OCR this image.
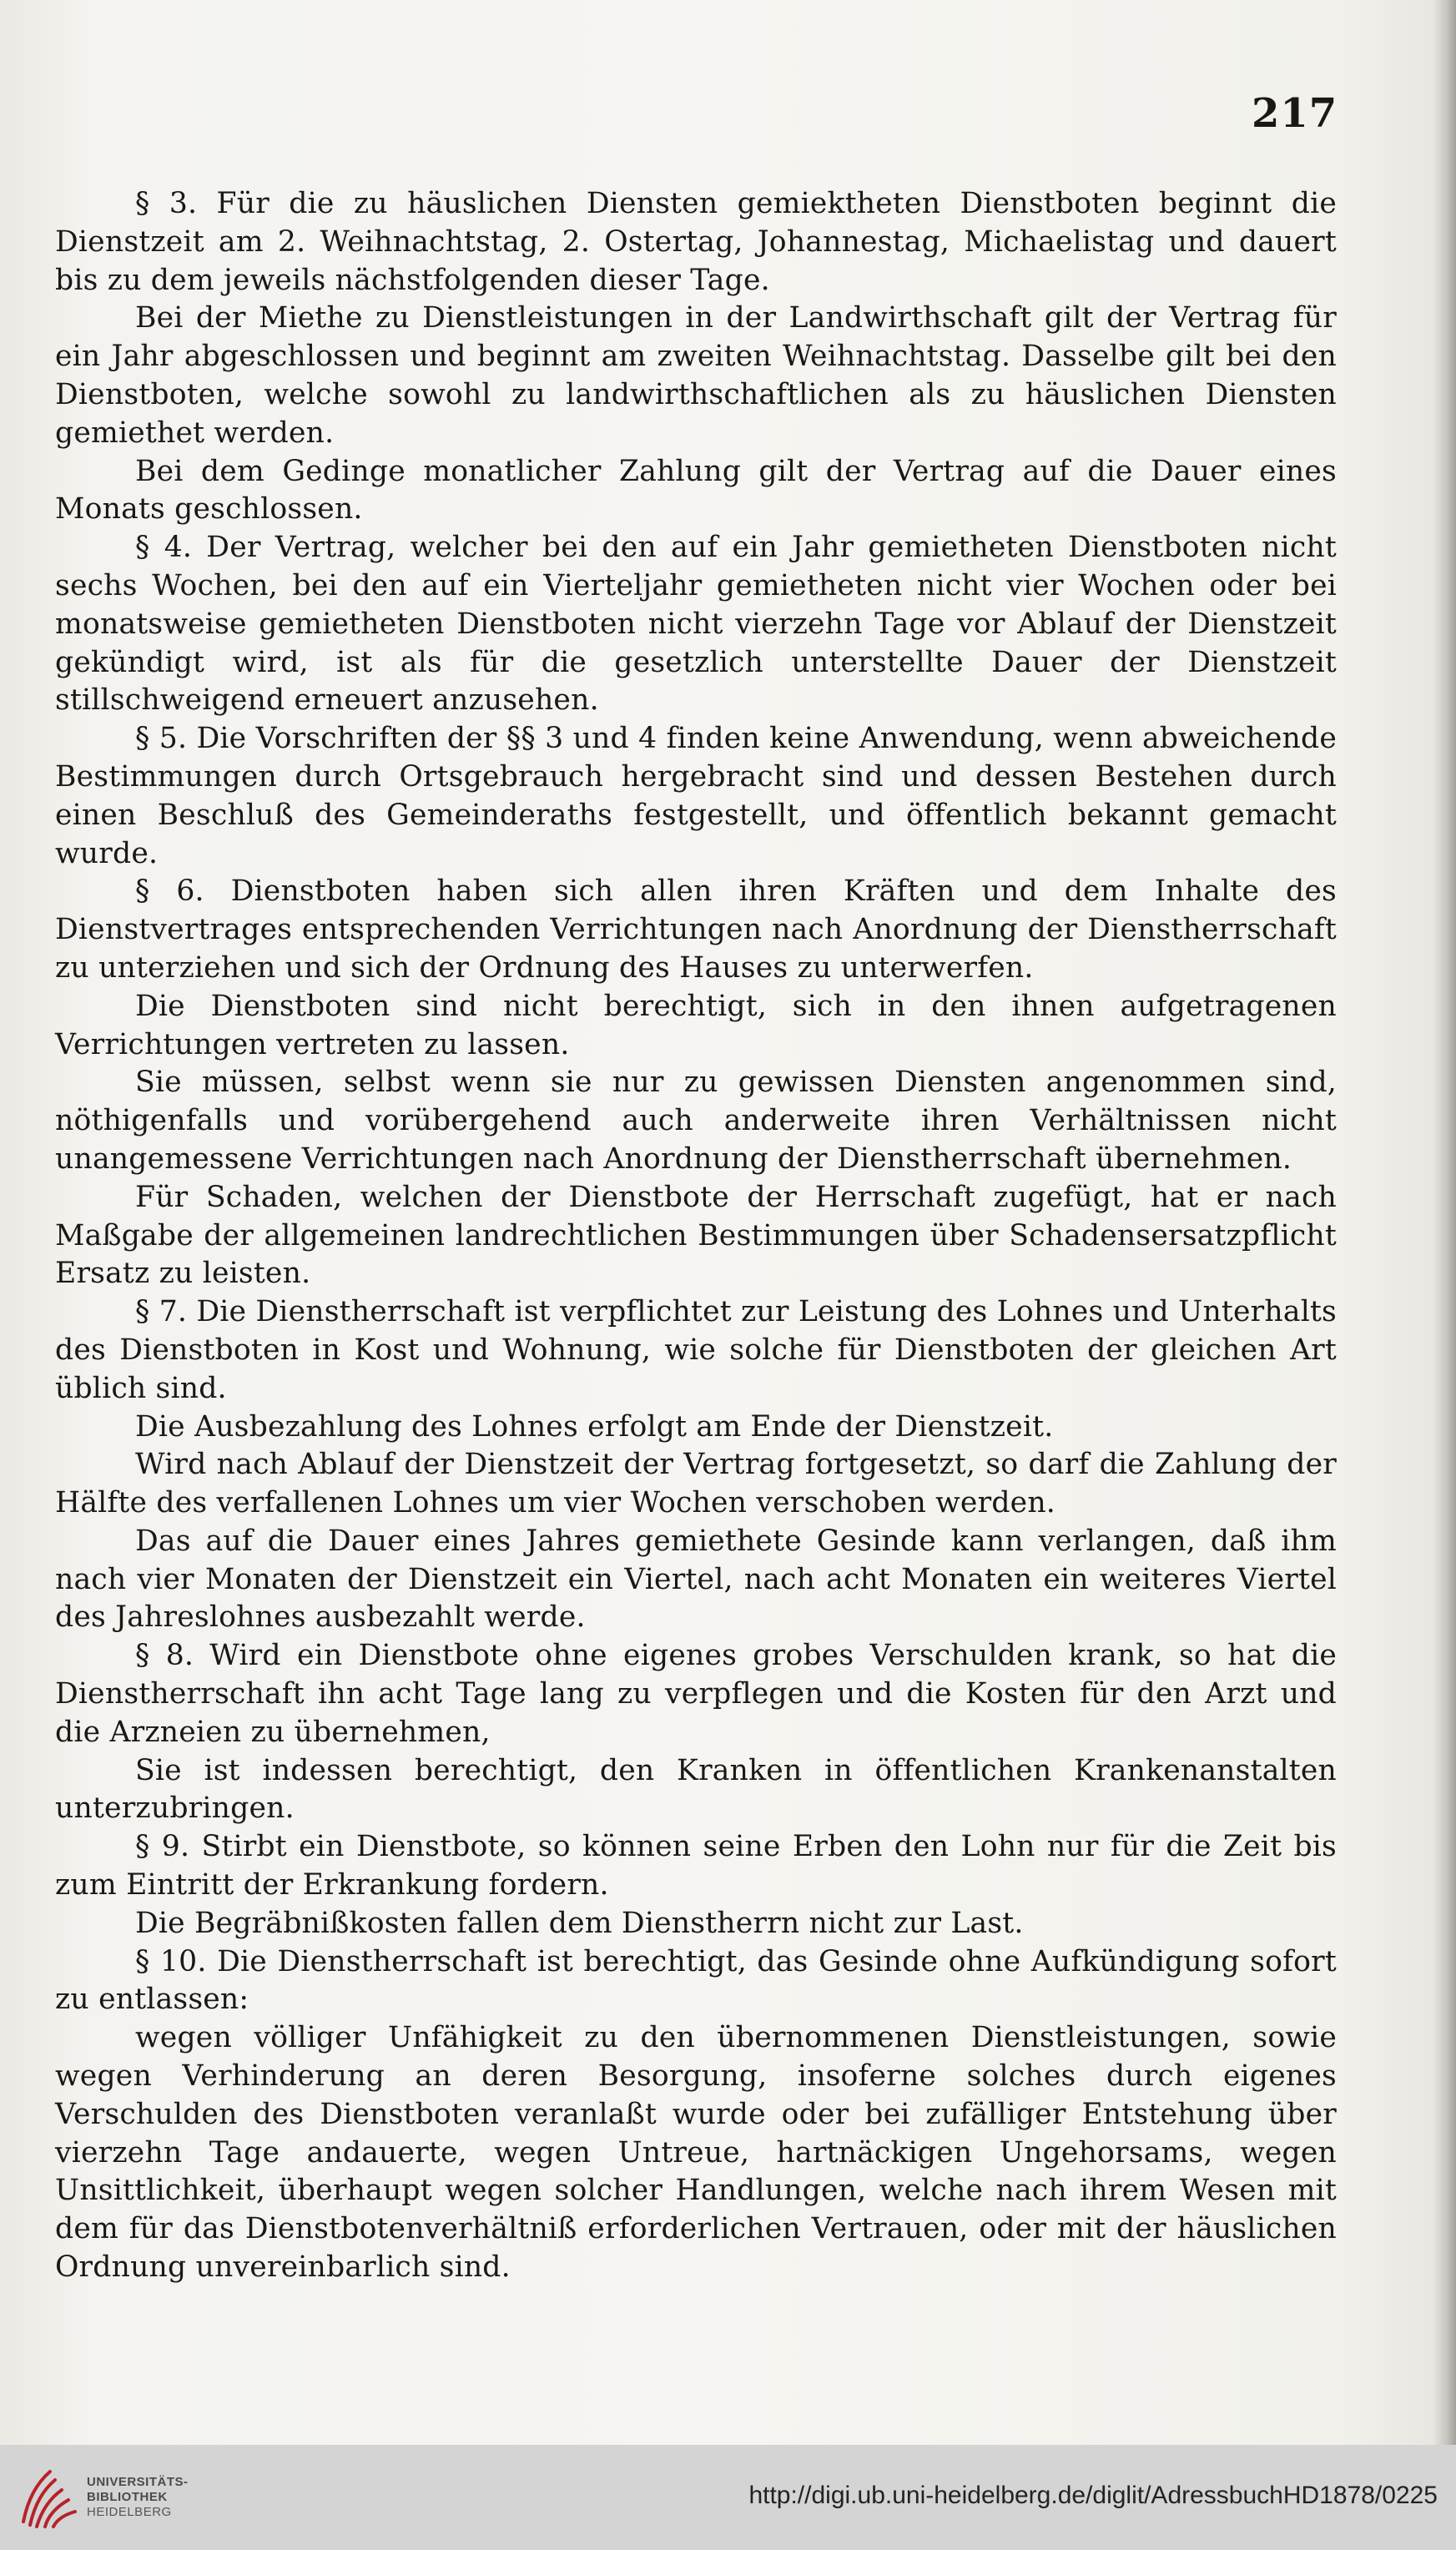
217

§ 3. Für die zu häuslichen Diensten gemiektheten Dienstboten beginnt die Dienstzeit am 2. Weihnachtstag, 2. Ostertag, Johannestag, Michaelistag und dauert bis zu dem jeweils nächstfolgenden dieser Tage.

Bei der Miethe zu Dienstleistungen in der Landwirthschaft gilt der Vertrag für ein Jahr abgeschlossen und beginnt am zweiten Weihnachtstag. Dasselbe gilt bei den Dienstboten, welche sowohl zu landwirthschaftlichen als zu häuslichen Diensten gemiethet werden.

Bei dem Gedinge monatlicher Zahlung gilt der Vertrag auf die Dauer eines Monats geschlossen.

§ 4. Der Vertrag, welcher bei den auf ein Jahr gemietheten Dienstboten nicht sechs Wochen, bei den auf ein Vierteljahr gemietheten nicht vier Wochen oder bei monatsweise gemietheten Dienstboten nicht vierzehn Tage vor Ablauf der Dienstzeit gekündigt wird, ist als für die gesetzlich unterstellte Dauer der Dienstzeit stillschweigend erneuert anzusehen.

§ 5. Die Vorschriften der §§ 3 und 4 finden keine Anwendung, wenn abweichende Bestimmungen durch Ortsgebrauch hergebracht sind und dessen Bestehen durch einen Beschluß des Gemeinderaths festgestellt, und öffentlich bekannt gemacht wurde.

§ 6. Dienstboten haben sich allen ihren Kräften und dem Inhalte des Dienstvertrages entsprechenden Verrichtungen nach Anordnung der Dienstherrschaft zu unterziehen und sich der Ordnung des Hauses zu unterwerfen.

Die Dienstboten sind nicht berechtigt, sich in den ihnen aufgetragenen Verrichtungen vertreten zu lassen.

Sie müssen, selbst wenn sie nur zu gewissen Diensten angenommen sind, nöthigenfalls und vorübergehend auch anderweite ihren Verhältnissen nicht unangemessene Verrichtungen nach Anordnung der Dienstherrschaft übernehmen.

Für Schaden, welchen der Dienstbote der Herrschaft zugefügt, hat er nach Maßgabe der allgemeinen landrechtlichen Bestimmungen über Schadensersatzpflicht Ersatz zu leisten.

§ 7. Die Dienstherrschaft ist verpflichtet zur Leistung des Lohnes und Unterhalts des Dienstboten in Kost und Wohnung, wie solche für Dienstboten der gleichen Art üblich sind.

Die Ausbezahlung des Lohnes erfolgt am Ende der Dienstzeit.

Wird nach Ablauf der Dienstzeit der Vertrag fortgesetzt, so darf die Zahlung der Hälfte des verfallenen Lohnes um vier Wochen verschoben werden.

Das auf die Dauer eines Jahres gemiethete Gesinde kann verlangen, daß ihm nach vier Monaten der Dienstzeit ein Viertel, nach acht Monaten ein weiteres Viertel des Jahreslohnes ausbezahlt werde.

§ 8. Wird ein Dienstbote ohne eigenes grobes Verschulden krank, so hat die Dienstherrschaft ihn acht Tage lang zu verpflegen und die Kosten für den Arzt und die Arzneien zu übernehmen,

Sie ist indessen berechtigt, den Kranken in öffentlichen Krankenanstalten unterzubringen.

§ 9. Stirbt ein Dienstbote, so können seine Erben den Lohn nur für die Zeit bis zum Eintritt der Erkrankung fordern.

Die Begräbnißkosten fallen dem Dienstherrn nicht zur Last.

§ 10. Die Dienstherrschaft ist berechtigt, das Gesinde ohne Aufkündigung sofort zu entlassen:

wegen völliger Unfähigkeit zu den übernommenen Dienstleistungen, sowie wegen Verhinderung an deren Besorgung, insoferne solches durch eigenes Verschulden des Dienstboten veranlaßt wurde oder bei zufälliger Entstehung über vierzehn Tage andauerte, wegen Untreue, hartnäckigen Ungehorsams, wegen Unsittlichkeit, überhaupt wegen solcher Handlungen, welche nach ihrem Wesen mit dem für das Dienstbotenverhältniß erforderlichen Vertrauen, oder mit der häuslichen Ordnung unvereinbarlich sind.

UNIVERSITÄTS-
BIBLIOTHEK
HEIDELBERG
http://digi.ub.uni-heidelberg.de/diglit/AdressbuchHD1878/0225
